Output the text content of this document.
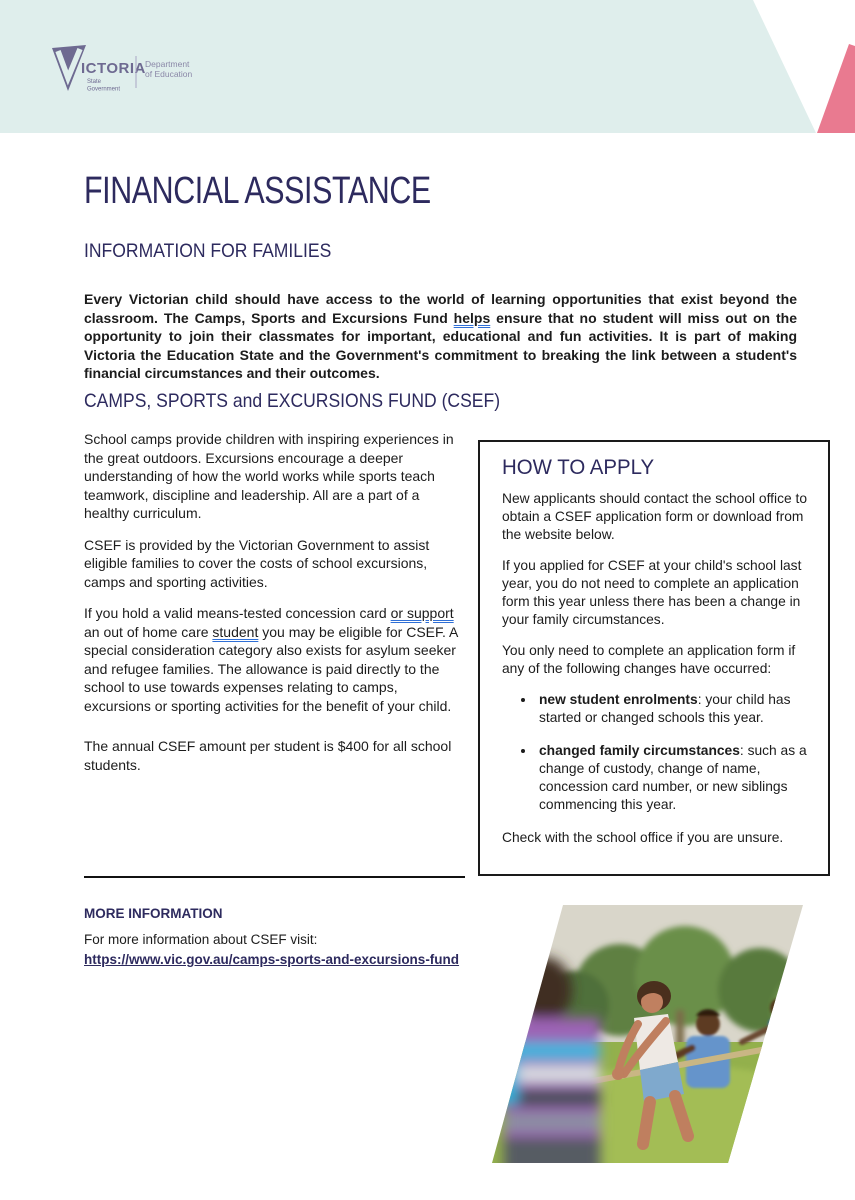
ICTORIA
State
Government
Department
of Education
FINANCIAL ASSISTANCE
INFORMATION FOR FAMILIES

Every Victorian child should have access to the world of learning opportunities that exist beyond the classroom. The Camps, Sports and Excursions Fund helps ensure that no student will miss out on the opportunity to join their classmates for important, educational and fun activities. It is part of making Victoria the Education State and the Government's commitment to breaking the link between a student's financial circumstances and their outcomes.

CAMPS, SPORTS and EXCURSIONS FUND (CSEF)

School camps provide children with inspiring experiences in the great outdoors. Excursions encourage a deeper understanding of how the world works while sports teach teamwork, discipline and leadership. All are a part of a healthy curriculum.

CSEF is provided by the Victorian Government to assist eligible families to cover the costs of school excursions, camps and sporting activities.

If you hold a valid means-tested concession card or support an out of home care student you may be eligible for CSEF. A special consideration category also exists for asylum seeker and refugee families. The allowance is paid directly to the school to use towards expenses relating to camps, excursions or sporting activities for the benefit of your child.

The annual CSEF amount per student is $400 for all school students.

HOW TO APPLY

New applicants should contact the school office to obtain a CSEF application form or download from the website below.

If you applied for CSEF at your child's school last year, you do not need to complete an application form this year unless there has been a change in your family circumstances.

You only need to complete an application form if any of the following changes have occurred:

• new student enrolments: your child has started or changed schools this year.
• changed family circumstances: such as a change of custody, change of name, concession card number, or new siblings commencing this year.

Check with the school office if you are unsure.

MORE INFORMATION

For more information about CSEF visit:

https://www.vic.gov.au/camps-sports-and-excursions-fund
